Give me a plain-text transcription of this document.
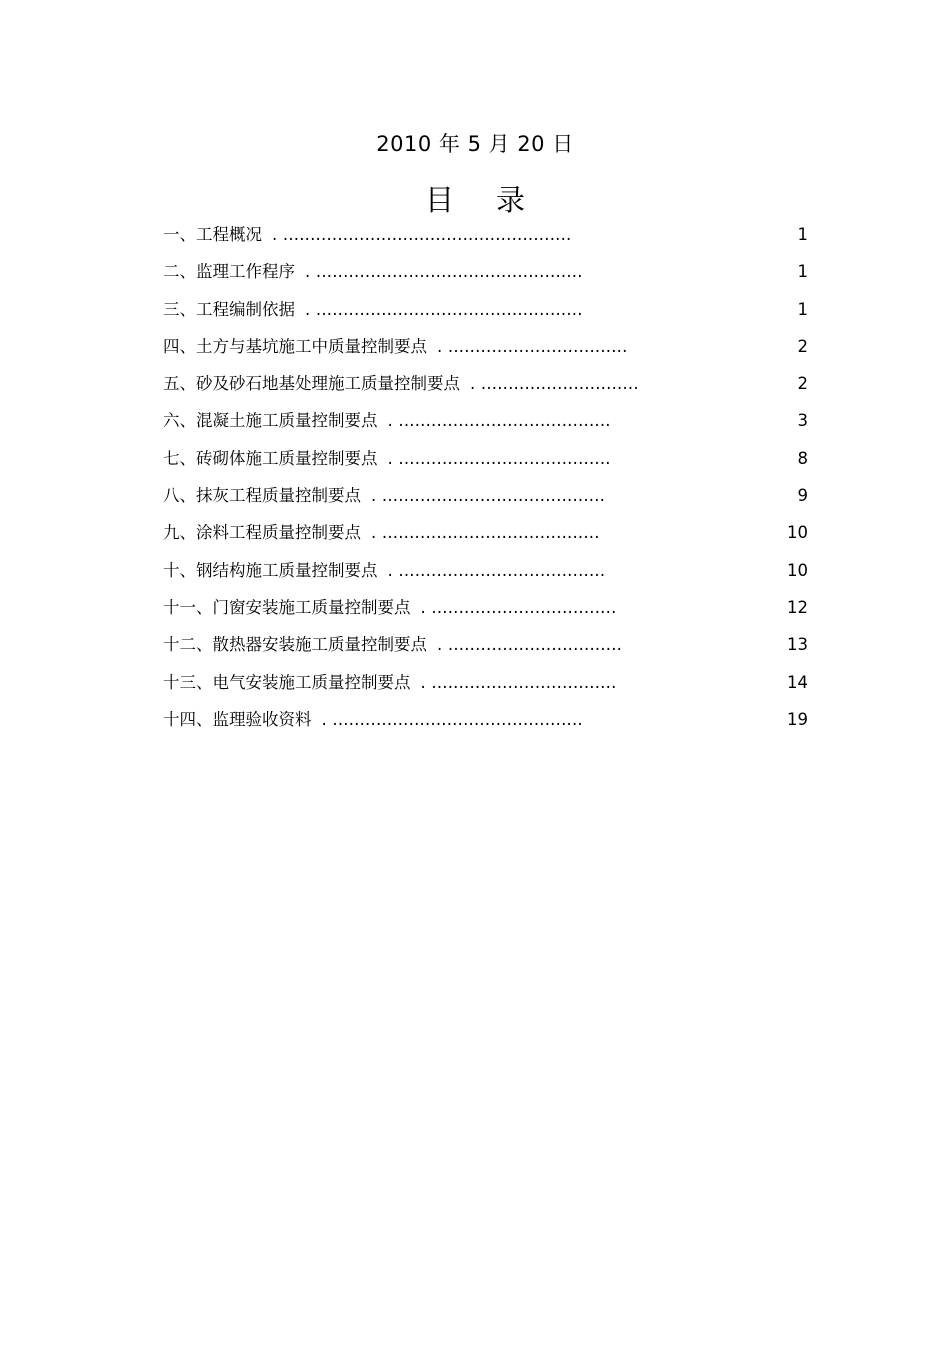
2010 年 5 月 20 日
目 录
一、工程概况 . .....................................................	1
二、监理工作程序 . .................................................	1
三、工程编制依据 . .................................................	1
四、土方与基坑施工中质量控制要点 . .................................	2
五、砂及砂石地基处理施工质量控制要点 . .............................	2
六、混凝土施工质量控制要点 . .......................................	3
七、砖砌体施工质量控制要点 . .......................................	8
八、抹灰工程质量控制要点 . .........................................	9
九、涂料工程质量控制要点 . ........................................	10
十、钢结构施工质量控制要点 . ......................................	10
十一、门窗安装施工质量控制要点 . ..................................	12
十二、散热器安装施工质量控制要点 . ................................	13
十三、电气安装施工质量控制要点 . ..................................	14
十四、监理验收资料 . ..............................................	19
